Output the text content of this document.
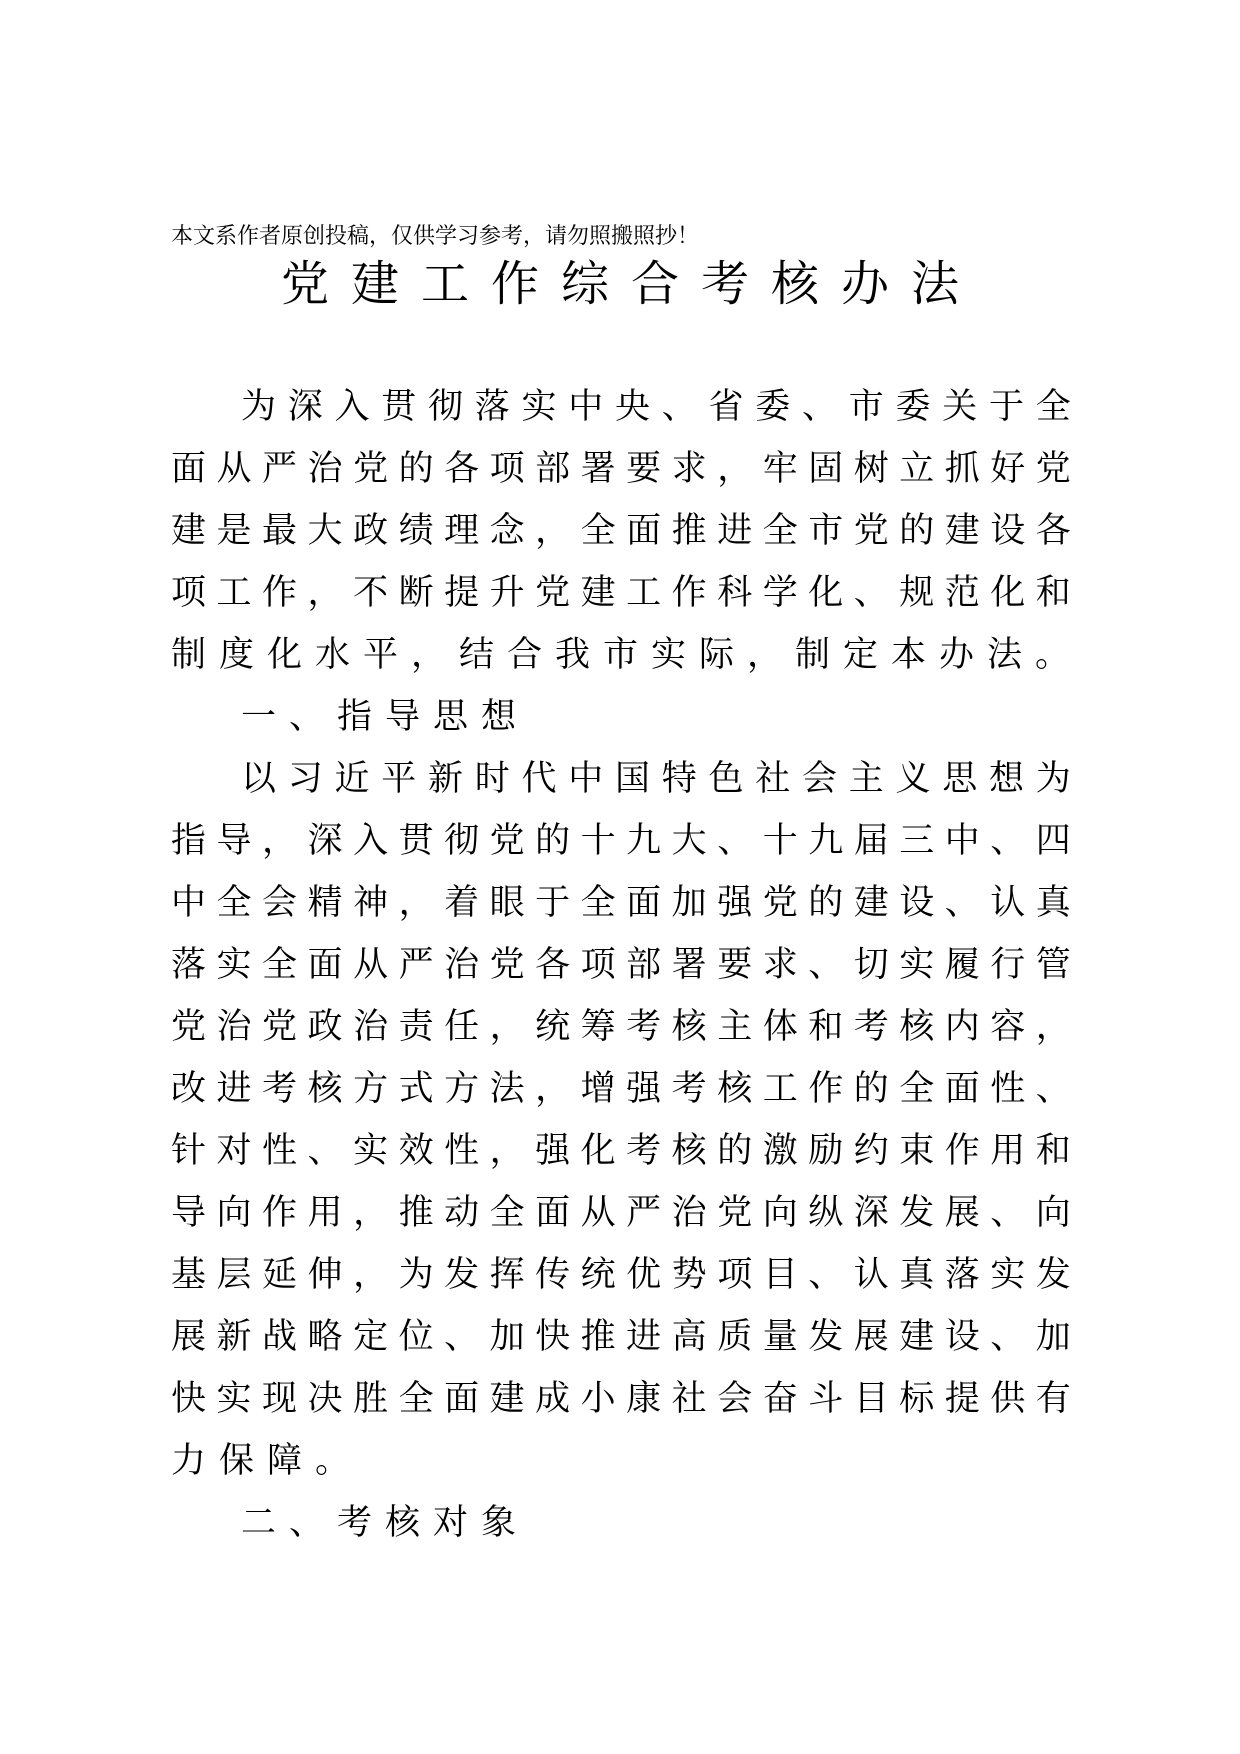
本文系作者原创投稿，仅供学习参考，请勿照搬照抄！
党建工作综合考核办法
为 深 入 贯 彻 落 实 中 央 、 省 委 、 市 委 关 于 全
面 从 严 治 党 的 各 项 部 署 要 求 ， 牢 固 树 立 抓 好 党
建 是 最 大 政 绩 理 念 ， 全 面 推 进 全 市 党 的 建 设 各
项 工 作 ， 不 断 提 升 党 建 工 作 科 学 化 、 规 范 化 和
制度化水平，结合我市实际，制定本办法。
一、指导思想
以 习 近 平 新 时 代 中 国 特 色 社 会 主 义 思 想 为
指 导 ， 深 入 贯 彻 党 的 十 九 大 、 十 九 届 三 中 、 四
中 全 会 精 神 ， 着 眼 于 全 面 加 强 党 的 建 设 、 认 真
落 实 全 面 从 严 治 党 各 项 部 署 要 求 、 切 实 履 行 管
党 治 党 政 治 责 任 ， 统 筹 考 核 主 体 和 考 核 内 容 ，
改 进 考 核 方 式 方 法 ， 增 强 考 核 工 作 的 全 面 性 、
针 对 性 、 实 效 性 ， 强 化 考 核 的 激 励 约 束 作 用 和
导 向 作 用 ， 推 动 全 面 从 严 治 党 向 纵 深 发 展 、 向
基 层 延 伸 ， 为 发 挥 传 统 优 势 项 目 、 认 真 落 实 发
展 新 战 略 定 位 、 加 快 推 进 高 质 量 发 展 建 设 、 加
快 实 现 决 胜 全 面 建 成 小 康 社 会 奋 斗 目 标 提 供 有
力保障。
二、考核对象
